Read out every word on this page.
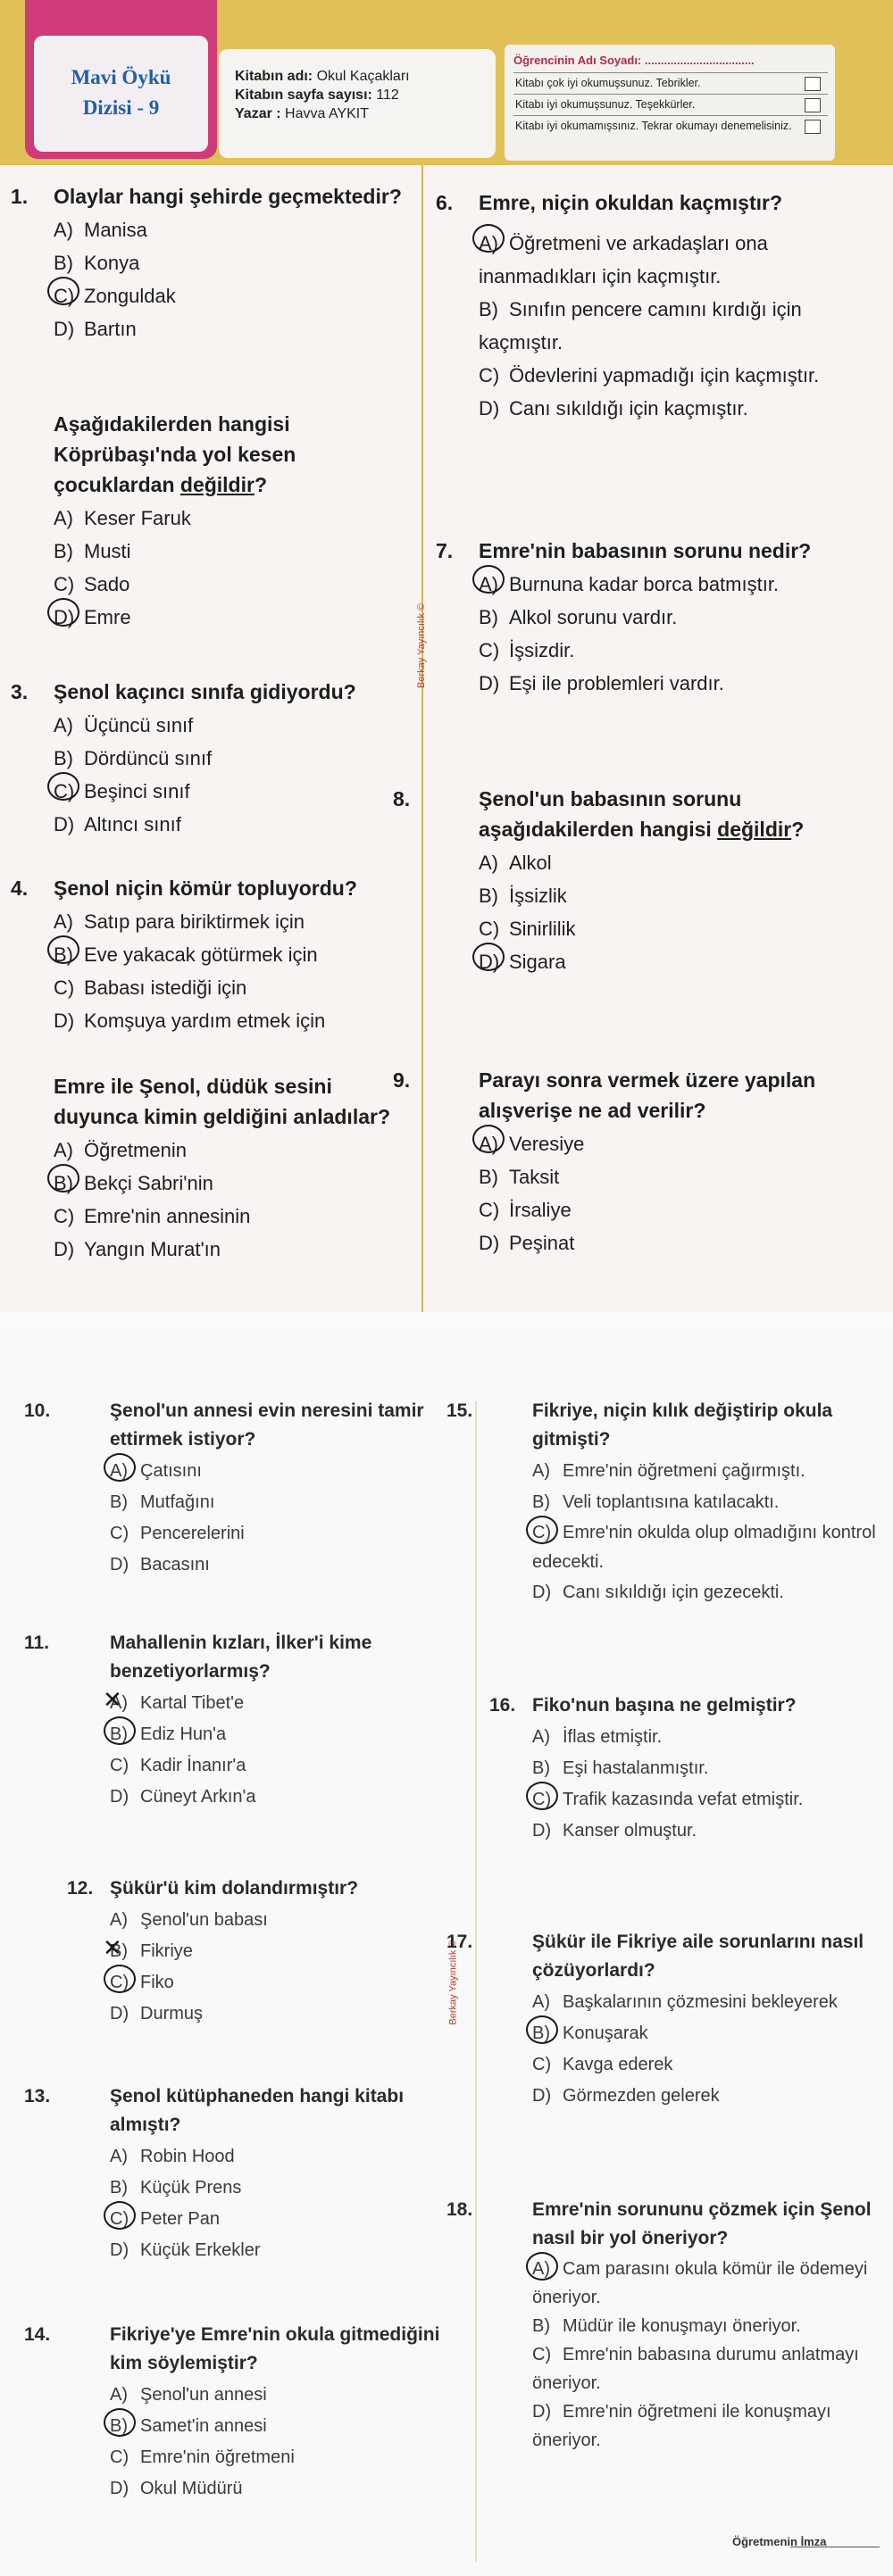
Mavi Öykü
Dizisi - 9
Kitabın adı: Okul Kaçakları
Kitabın sayfa sayısı: 112
Yazar : Havva AYKIT
Öğrencinin Adı Soyadı: ..................................
Kitabı çok iyi okumuşsunuz. Tebrikler.
Kitabı iyi okumuşsunuz. Teşekkürler.
Kitabı iyi okumamışsınız. Tekrar okumayı denemelisiniz.
Berkay Yayıncılık ©
1. Olaylar hangi şehirde geçmektedir?
A) Manisa
B) Konya
C) Zonguldak
D) Bartın
Aşağıdakilerden hangisi Köprübaşı'nda yol kesen çocuklardan değildir?
A) Keser Faruk
B) Musti
C) Sado
D) Emre
3. Şenol kaçıncı sınıfa gidiyordu?
A) Üçüncü sınıf
B) Dördüncü sınıf
C) Beşinci sınıf
D) Altıncı sınıf
4. Şenol niçin kömür topluyordu?
A) Satıp para biriktirmek için
B) Eve yakacak götürmek için
C) Babası istediği için
D) Komşuya yardım etmek için
Emre ile Şenol, düdük sesini duyunca kimin geldiğini anladılar?
A) Öğretmenin
B) Bekçi Sabri'nin
C) Emre'nin annesinin
D) Yangın Murat'ın
6. Emre, niçin okuldan kaçmıştır?
A) Öğretmeni ve arkadaşları ona inanmadıkları için kaçmıştır.
B) Sınıfın pencere camını kırdığı için kaçmıştır.
C) Ödevlerini yapmadığı için kaçmıştır.
D) Canı sıkıldığı için kaçmıştır.
7. Emre'nin babasının sorunu nedir?
A) Burnuna kadar borca batmıştır.
B) Alkol sorunu vardır.
C) İşsizdir.
D) Eşi ile problemleri vardır.
8.	Şenol'un babasının sorunu aşağıdakilerden hangisi değildir?
A) Alkol
B) İşsizlik
C) Sinirlilik
D) Sigara
9.	Parayı sonra vermek üzere yapılan alışverişe ne ad verilir?
A) Veresiye
B) Taksit
C) İrsaliye
D) Peşinat
Berkay Yayıncılık ©
10.	Şenol'un annesi evin neresini tamir ettirmek istiyor?
A) Çatısını
B) Mutfağını
C) Pencerelerini
D) Bacasını
11.	Mahallenin kızları, İlker'i kime benzetiyorlarmış?
A) ✕ Kartal Tibet'e
B) Ediz Hun'a
C) Kadir İnanır'a
D) Cüneyt Arkın'a
12. Şükür'ü kim dolandırmıştır?
A) Şenol'un babası
B) ✕ Fikriye
C) Fiko
D) Durmuş
13.	Şenol kütüphaneden hangi kitabı almıştı?
A) Robin Hood
B) Küçük Prens
C) Peter Pan
D) Küçük Erkekler
14.	Fikriye'ye Emre'nin okula gitmediğini kim söylemiştir?
A) Şenol'un annesi
B) Samet'in annesi
C) Emre'nin öğretmeni
D) Okul Müdürü
15.	Fikriye, niçin kılık değiştirip okula gitmişti?
A) Emre'nin öğretmeni çağırmıştı.
B) Veli toplantısına katılacaktı.
C) Emre'nin okulda olup olmadığını kontrol edecekti.
D) Canı sıkıldığı için gezecekti.
16. Fiko'nun başına ne gelmiştir?
A) İflas etmiştir.
B) Eşi hastalanmıştır.
C) Trafik kazasında vefat etmiştir.
D) Kanser olmuştur.
17.	Şükür ile Fikriye aile sorunlarını nasıl çözüyorlardı?
A) Başkalarının çözmesini bekleyerek
B) Konuşarak
C) Kavga ederek
D) Görmezden gelerek
18.	Emre'nin sorununu çözmek için Şenol nasıl bir yol öneriyor?
A) Cam parasını okula kömür ile ödemeyi öneriyor.
B) Müdür ile konuşmayı öneriyor.
C) Emre'nin babasına durumu anlatmayı öneriyor.
D) Emre'nin öğretmeni ile konuşmayı öneriyor.
Öğretmenin İmza
